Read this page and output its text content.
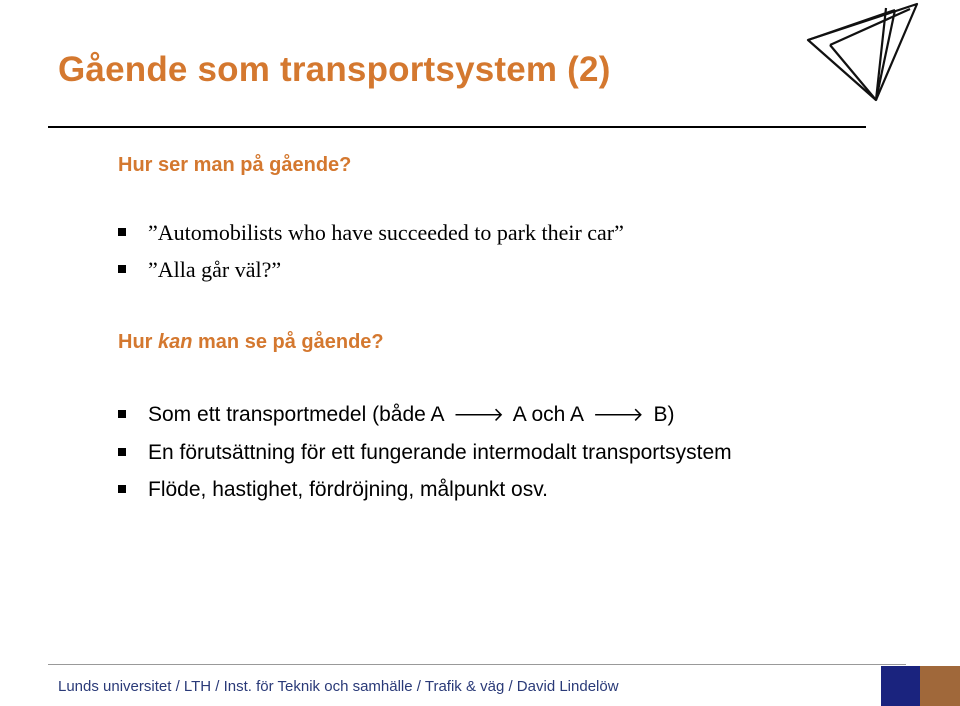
Gående som transportsystem (2)

Hur ser man på gående?

”Automobilists who have succeeded to park their car”
”Alla går väl?”

Hur kan man se på gående?

Som ett transportmedel (både A 🡒 A och A 🡒 B)
En förutsättning för ett fungerande intermodalt transportsystem
Flöde, hastighet, fördröjning, målpunkt osv.
Lunds universitet / LTH / Inst. för Teknik och samhälle / Trafik & väg / David Lindelöw
